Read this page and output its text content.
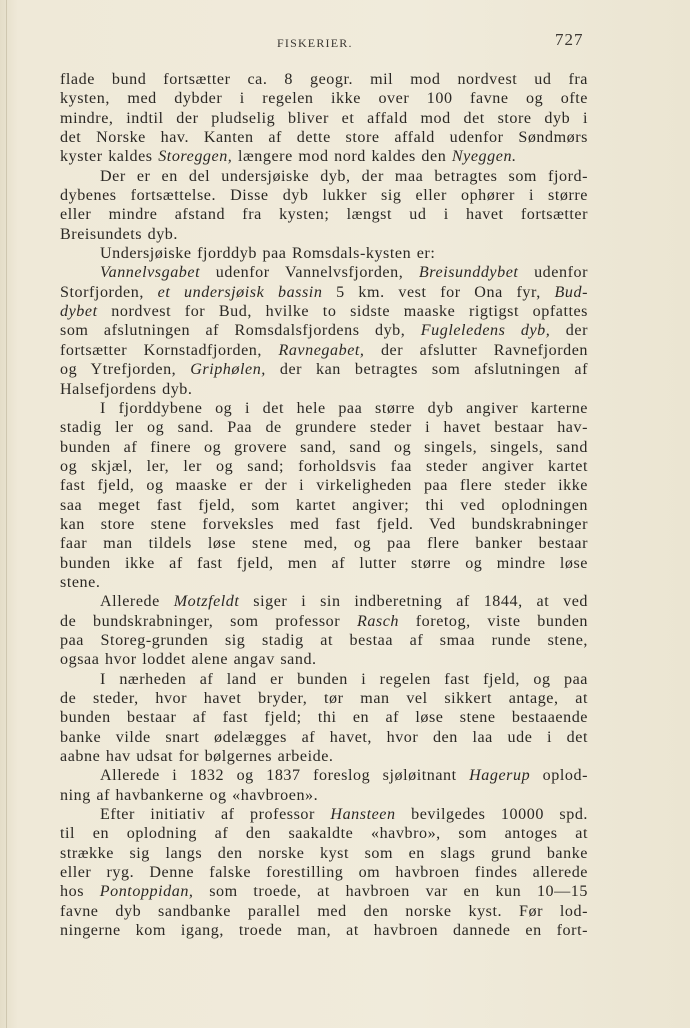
FISKERIER.	727
flade bund fortsætter ca. 8 geogr. mil mod nordvest ud fra
kysten, med dybder i regelen ikke over 100 favne og ofte
mindre, indtil der pludselig bliver et affald mod det store dyb i
det Norske hav. Kanten af dette store affald udenfor Søndmørs
kyster kaldes Storeggen, længere mod nord kaldes den Nyeggen.
Der er en del undersjøiske dyb, der maa betragtes som fjord-
dybenes fortsættelse. Disse dyb lukker sig eller ophører i større
eller mindre afstand fra kysten; længst ud i havet fortsætter
Breisundets dyb.
Undersjøiske fjorddyb paa Romsdals-kysten er:
Vannelvsgabet udenfor Vannelvsfjorden, Breisunddybet udenfor
Storfjorden, et undersjøisk bassin 5 km. vest for Ona fyr, Bud-
dybet nordvest for Bud, hvilke to sidste maaske rigtigst opfattes
som afslutningen af Romsdalsfjordens dyb, Fugleledens dyb, der
fortsætter Kornstadfjorden, Ravnegabet, der afslutter Ravnefjorden
og Ytrefjorden, Griphølen, der kan betragtes som afslutningen af
Halsefjordens dyb.
I fjorddybene og i det hele paa større dyb angiver karterne
stadig ler og sand. Paa de grundere steder i havet bestaar hav-
bunden af finere og grovere sand, sand og singels, singels, sand
og skjæl, ler, ler og sand; forholdsvis faa steder angiver kartet
fast fjeld, og maaske er der i virkeligheden paa flere steder ikke
saa meget fast fjeld, som kartet angiver; thi ved oplodningen
kan store stene forveksles med fast fjeld. Ved bundskrabninger
faar man tildels løse stene med, og paa flere banker bestaar
bunden ikke af fast fjeld, men af lutter større og mindre løse
stene.
Allerede Motzfeldt siger i sin indberetning af 1844, at ved
de bundskrabninger, som professor Rasch foretog, viste bunden
paa Storeg-grunden sig stadig at bestaa af smaa runde stene,
ogsaa hvor loddet alene angav sand.
I nærheden af land er bunden i regelen fast fjeld, og paa
de steder, hvor havet bryder, tør man vel sikkert antage, at
bunden bestaar af fast fjeld; thi en af løse stene bestaaende
banke vilde snart ødelægges af havet, hvor den laa ude i det
aabne hav udsat for bølgernes arbeide.
Allerede i 1832 og 1837 foreslog sjøløitnant Hagerup oplod-
ning af havbankerne og «havbroen».
Efter initiativ af professor Hansteen bevilgedes 10000 spd.
til en oplodning af den saakaldte «havbro», som antoges at
strække sig langs den norske kyst som en slags grund banke
eller ryg. Denne falske forestilling om havbroen findes allerede
hos Pontoppidan, som troede, at havbroen var en kun 10—15
favne dyb sandbanke parallel med den norske kyst. Før lod-
ningerne kom igang, troede man, at havbroen dannede en fort-
